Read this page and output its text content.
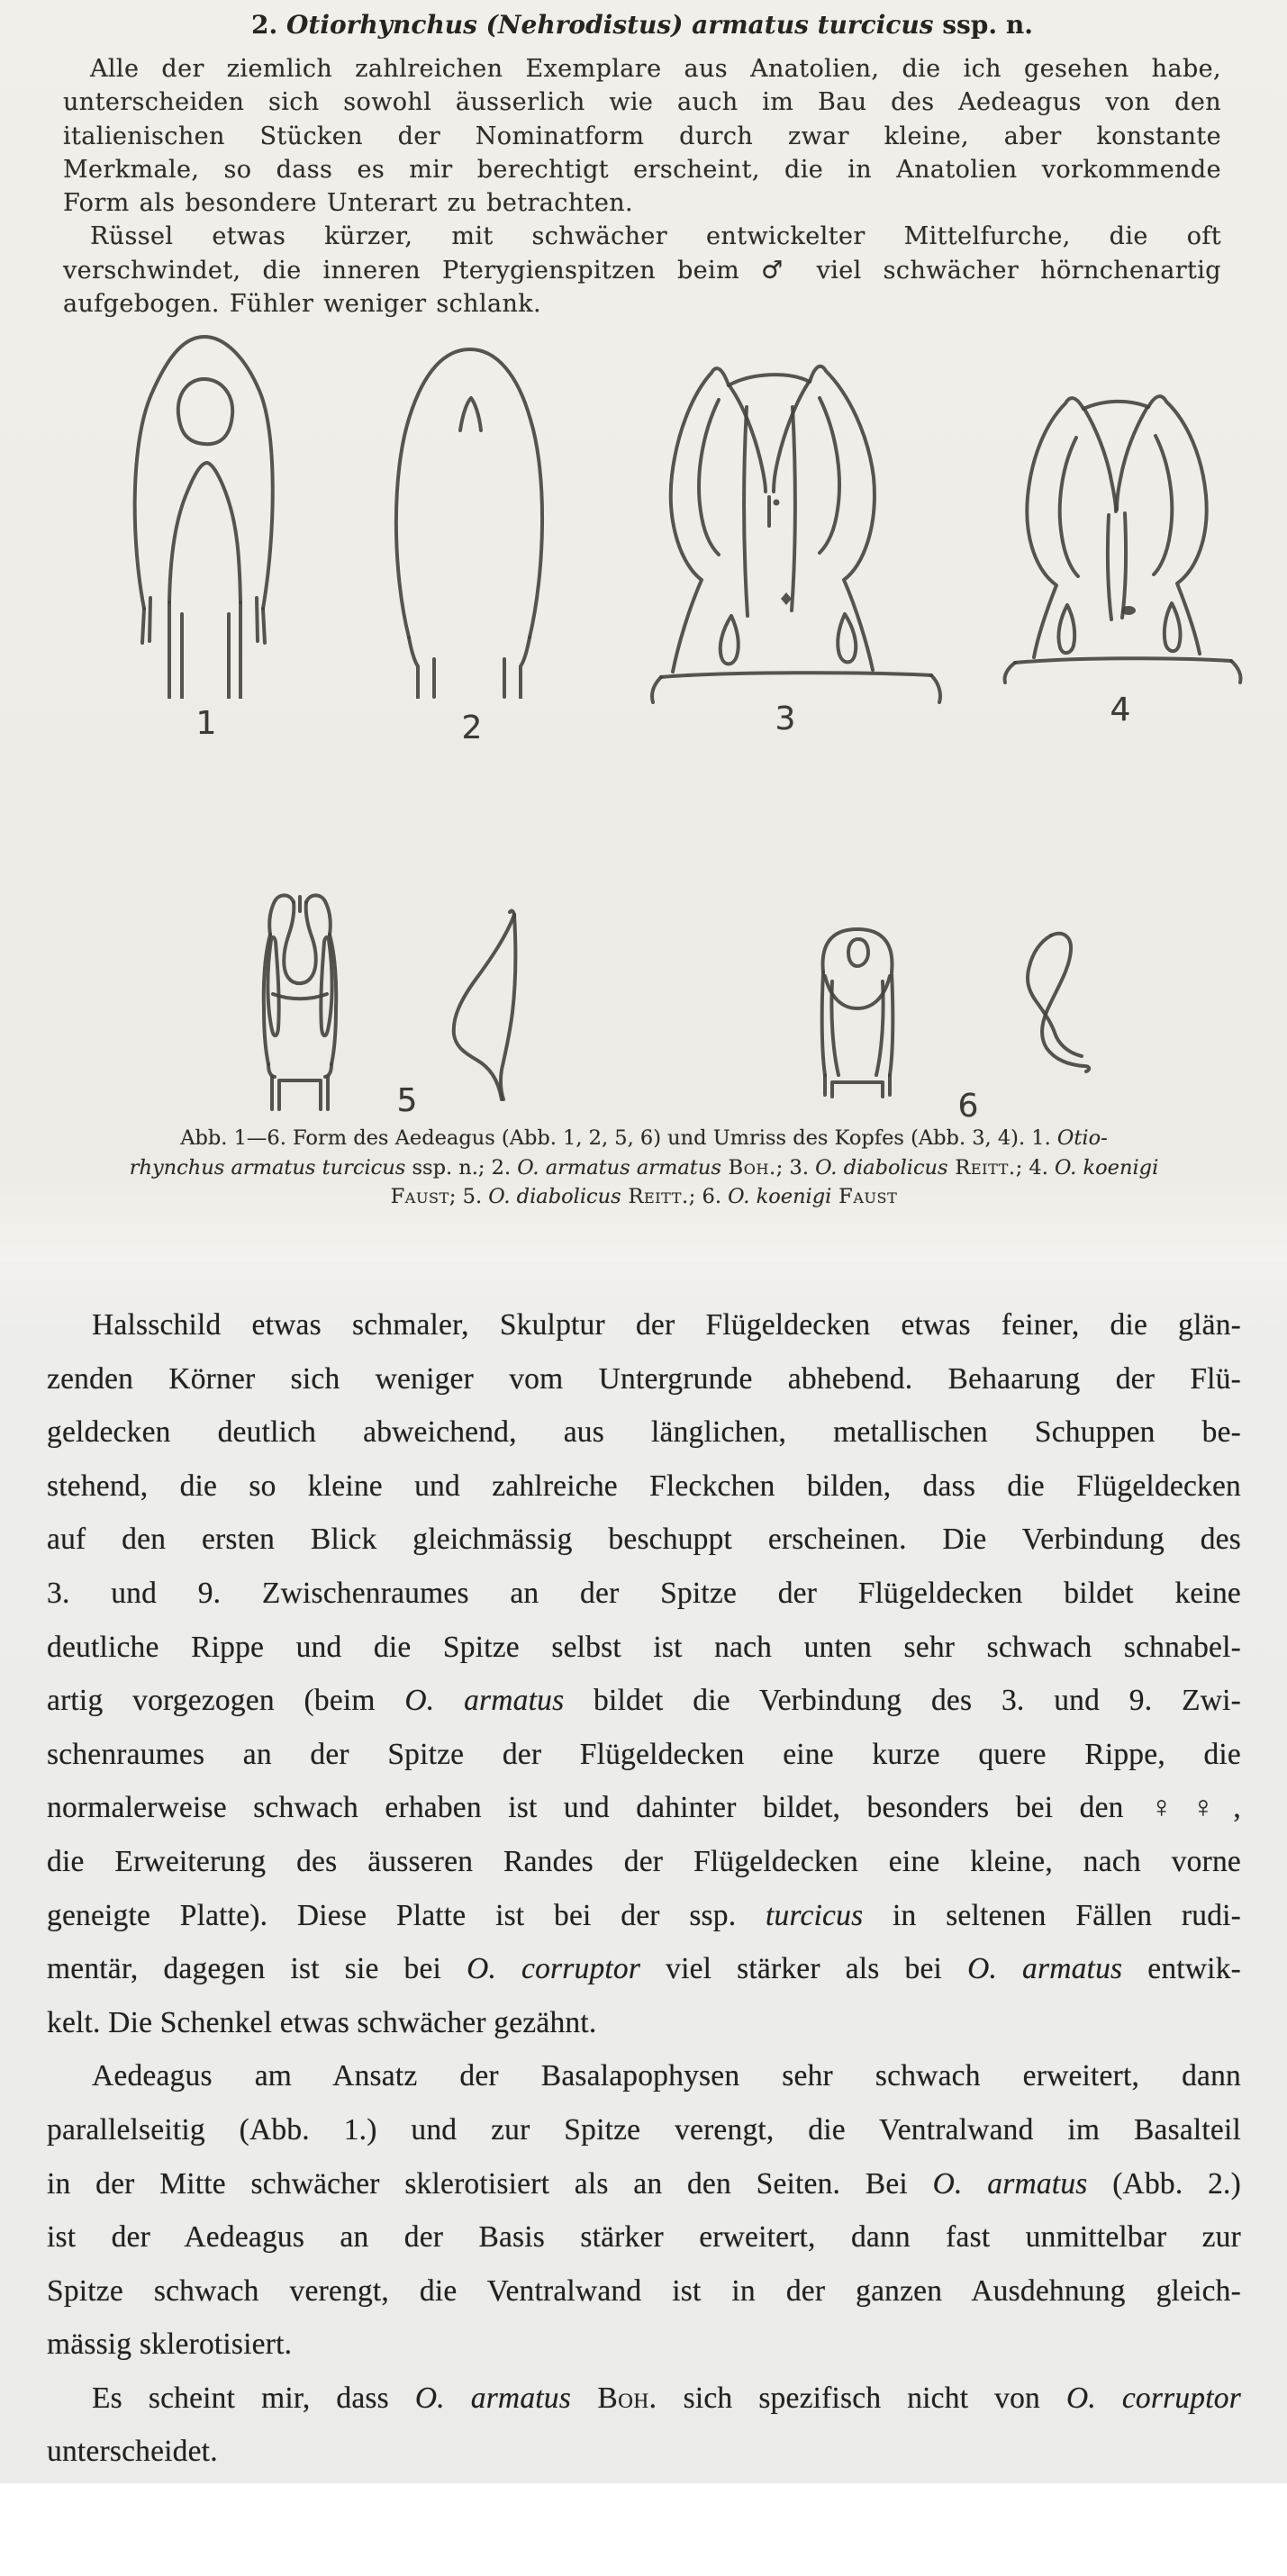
2. Otiorhynchus (Nehrodistus) armatus turcicus ssp. n.
Alle der ziemlich zahlreichen Exemplare aus Anatolien, die ich gesehen habe,
unterscheiden sich sowohl äusserlich wie auch im Bau des Aedeagus von den
italienischen Stücken der Nominatform durch zwar kleine, aber konstante
Merkmale, so dass es mir berechtigt erscheint, die in Anatolien vorkommende
Form als besondere Unterart zu betrachten.
Rüssel etwas kürzer, mit schwächer entwickelter Mittelfurche, die oft
verschwindet, die inneren Pterygienspitzen beim ♂ viel schwächer hörnchenartig
aufgebogen. Fühler weniger schlank.
1	2	3	4
5	6
Abb. 1—6. Form des Aedeagus (Abb. 1, 2, 5, 6) und Umriss des Kopfes (Abb. 3, 4). 1. Otio-
rhynchus armatus turcicus ssp. n.; 2. O. armatus armatus Boh.; 3. O. diabolicus Reitt.; 4. O. koenigi
Faust; 5. O. diabolicus Reitt.; 6. O. koenigi Faust
Halsschild etwas schmaler, Skulptur der Flügeldecken etwas feiner, die glän-
zenden Körner sich weniger vom Untergrunde abhebend. Behaarung der Flü-
geldecken deutlich abweichend, aus länglichen, metallischen Schuppen be-
stehend, die so kleine und zahlreiche Fleckchen bilden, dass die Flügeldecken
auf den ersten Blick gleichmässig beschuppt erscheinen. Die Verbindung des
3. und 9. Zwischenraumes an der Spitze der Flügeldecken bildet keine
deutliche Rippe und die Spitze selbst ist nach unten sehr schwach schnabel-
artig vorgezogen (beim O. armatus bildet die Verbindung des 3. und 9. Zwi-
schenraumes an der Spitze der Flügeldecken eine kurze quere Rippe, die
normalerweise schwach erhaben ist und dahinter bildet, besonders bei den ♀♀,
die Erweiterung des äusseren Randes der Flügeldecken eine kleine, nach vorne
geneigte Platte). Diese Platte ist bei der ssp. turcicus in seltenen Fällen rudi-
mentär, dagegen ist sie bei O. corruptor viel stärker als bei O. armatus entwik-
kelt. Die Schenkel etwas schwächer gezähnt.
Aedeagus am Ansatz der Basalapophysen sehr schwach erweitert, dann
parallelseitig (Abb. 1.) und zur Spitze verengt, die Ventralwand im Basalteil
in der Mitte schwächer sklerotisiert als an den Seiten. Bei O. armatus (Abb. 2.)
ist der Aedeagus an der Basis stärker erweitert, dann fast unmittelbar zur
Spitze schwach verengt, die Ventralwand ist in der ganzen Ausdehnung gleich-
mässig sklerotisiert.
Es scheint mir, dass O. armatus Boh. sich spezifisch nicht von O. corruptor
unterscheidet.
